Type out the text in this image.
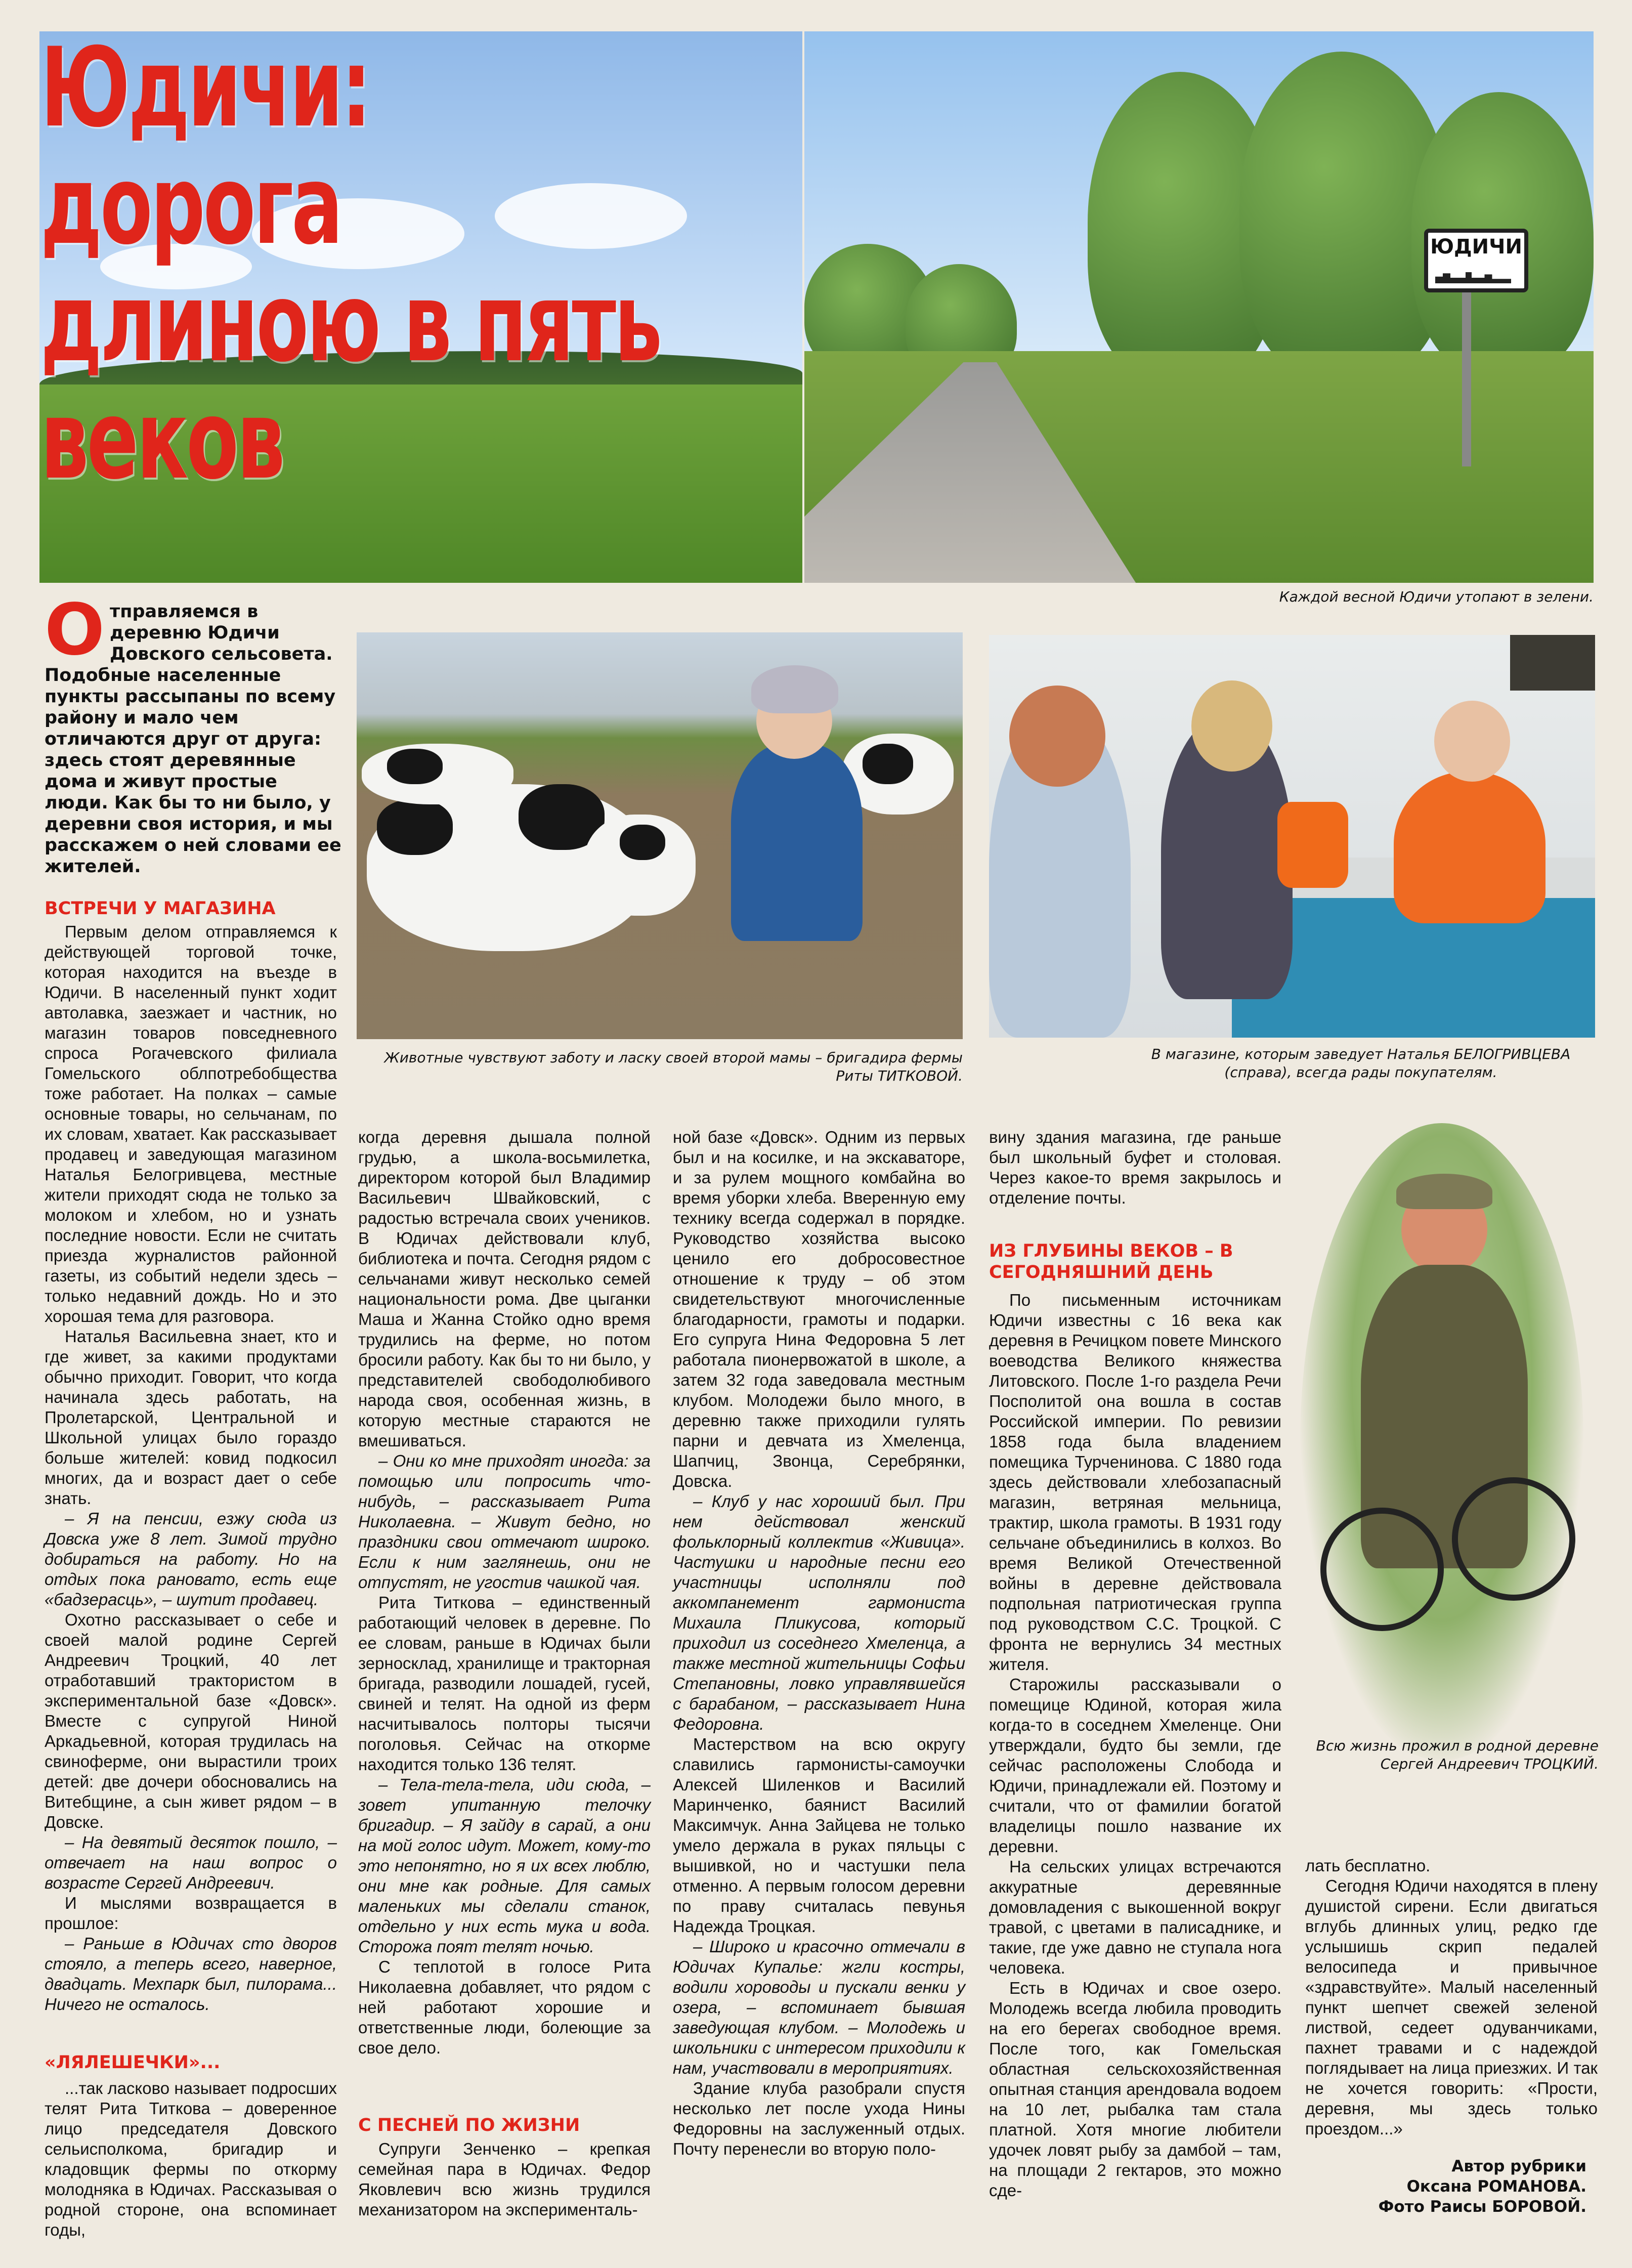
ЮДИЧИ
Юдичи: дорога длиною в пять веков
Каждой весной Юдичи утопают в зелени.
Отправляемся в деревню Юдичи Довского сельсовета. Подобные населенные пункты рассыпаны по всему району и мало чем отличаются друг от друга: здесь стоят деревянные дома и живут простые люди. Как бы то ни было, у деревни своя история, и мы расскажем о ней словами ее жителей.
Животные чувствуют заботу и ласку своей второй мамы – бригадира фермы Риты ТИТКОВОЙ.
В магазине, которым заведует Наталья БЕЛОГРИВЦЕВА (справа), всегда рады покупателям.
Всю жизнь прожил в родной деревне Сергей Андреевич ТРОЦКИЙ.
ВСТРЕЧИ У МАГАЗИНА

Первым делом отправляемся к действующей торговой точке, которая находится на въезде в Юдичи. В населенный пункт ходит автолавка, заезжает и частник, но магазин товаров повседневного спроса Рогачевского филиала Гомельского облпотребобщества тоже работает. На полках – самые основные товары, но сельчанам, по их словам, хватает. Как рассказывает продавец и заведующая магазином Наталья Белогривцева, местные жители приходят сюда не только за молоком и хлебом, но и узнать последние новости. Если не считать приезда журналистов районной газеты, из событий недели здесь – только недавний дождь. Но и это хорошая тема для разговора.

Наталья Васильевна знает, кто и где живет, за какими продуктами обычно приходит. Говорит, что когда начинала здесь работать, на Пролетарской, Центральной и Школьной улицах было гораздо больше жителей: ковид подкосил многих, да и возраст дает о себе знать.

– Я на пенсии, езжу сюда из Довска уже 8 лет. Зимой трудно добираться на работу. Но на отдых пока рановато, есть еще «бадзерасць», – шутит продавец.

Охотно рассказывает о себе и своей малой родине Сергей Андреевич Троцкий, 40 лет отработавший трактористом в экспериментальной базе «Довск». Вместе с супругой Ниной Аркадьевной, которая трудилась на свиноферме, они вырастили троих детей: две дочери обосновались на Витебщине, а сын живет рядом – в Довске.

– На девятый десяток пошло, – отвечает на наш вопрос о возрасте Сергей Андреевич.

И мыслями возвращается в прошлое:

– Раньше в Юдичах сто дворов стояло, а теперь всего, наверное, двадцать. Мехпарк был, пилорама... Ничего не осталось.

«ЛЯЛЕШЕЧКИ»...

...так ласково называет подросших телят Рита Титкова – доверенное лицо председателя Довского сельисполкома, бригадир и кладовщик фермы по откорму молодняка в Юдичах. Рассказывая о родной стороне, она вспоминает годы,

когда деревня дышала полной грудью, а школа-восьмилетка, директором которой был Владимир Васильевич Швайковский, с радостью встречала своих учеников. В Юдичах действовали клуб, библиотека и почта. Сегодня рядом с сельчанами живут несколько семей национальности рома. Две цыганки Маша и Жанна Стойко одно время трудились на ферме, но потом бросили работу. Как бы то ни было, у представителей свободолюбивого народа своя, особенная жизнь, в которую местные стараются не вмешиваться.

– Они ко мне приходят иногда: за помощью или попросить что-нибудь, – рассказывает Рита Николаевна. – Живут бедно, но праздники свои отмечают широко. Если к ним заглянешь, они не отпустят, не угостив чашкой чая.

Рита Титкова – единственный работающий человек в деревне. По ее словам, раньше в Юдичах были зерносклад, хранилище и тракторная бригада, разводили лошадей, гусей, свиней и телят. На одной из ферм насчитывалось полторы тысячи поголовья. Сейчас на откорме находится только 136 телят.

– Тела-тела-тела, иди сюда, – зовет упитанную телочку бригадир. – Я зайду в сарай, а они на мой голос идут. Может, кому-то это непонятно, но я их всех люблю, они мне как родные. Для самых маленьких мы сделали станок, отдельно у них есть мука и вода. Сторожа поят телят ночью.

С теплотой в голосе Рита Николаевна добавляет, что рядом с ней работают хорошие и ответственные люди, болеющие за свое дело.

С ПЕСНЕЙ ПО ЖИЗНИ

Супруги Зенченко – крепкая семейная пара в Юдичах. Федор Яковлевич всю жизнь трудился механизатором на эксперименталь-

ной базе «Довск». Одним из первых был и на косилке, и на экскаваторе, и за рулем мощного комбайна во время уборки хлеба. Вверенную ему технику всегда содержал в порядке. Руководство хозяйства высоко ценило его добросовестное отношение к труду – об этом свидетельствуют многочисленные благодарности, грамоты и подарки. Его супруга Нина Федоровна 5 лет работала пионервожатой в школе, а затем 32 года заведовала местным клубом. Молодежи было много, в деревню также приходили гулять парни и девчата из Хмеленца, Шапчиц, Звонца, Серебрянки, Довска.

– Клуб у нас хороший был. При нем действовал женский фольклорный коллектив «Живица». Частушки и народные песни его участницы исполняли под аккомпанемент гармониста Михаила Пликусова, который приходил из соседнего Хмеленца, а также местной жительницы Софьи Степановны, ловко управлявшейся с барабаном, – рассказывает Нина Федоровна.

Мастерством на всю округу славились гармонисты-самоучки Алексей Шиленков и Василий Маринченко, баянист Василий Максимчук. Анна Зайцева не только умело держала в руках пяльцы с вышивкой, но и частушки пела отменно. А первым голосом деревни по праву считалась певунья Надежда Троцкая.

– Широко и красочно отмечали в Юдичах Купалье: жгли костры, водили хороводы и пускали венки у озера, – вспоминает бывшая заведующая клубом. – Молодежь и школьники с интересом приходили к нам, участвовали в мероприятиях.

Здание клуба разобрали спустя несколько лет после ухода Нины Федоровны на заслуженный отдых. Почту перенесли во вторую поло-

вину здания магазина, где раньше был школьный буфет и столовая. Через какое-то время закрылось и отделение почты.

ИЗ ГЛУБИНЫ ВЕКОВ – В СЕГОДНЯШНИЙ ДЕНЬ

По письменным источникам Юдичи известны с 16 века как деревня в Речицком повете Минского воеводства Великого княжества Литовского. После 1-го раздела Речи Посполитой она вошла в состав Российской империи. По ревизии 1858 года была владением помещика Турченинова. С 1880 года здесь действовали хлебозапасный магазин, ветряная мельница, трактир, школа грамоты. В 1931 году сельчане объединились в колхоз. Во время Великой Отечественной войны в деревне действовала подпольная патриотическая группа под руководством С.С. Троцкой. С фронта не вернулись 34 местных жителя.

Старожилы рассказывали о помещице Юдиной, которая жила когда-то в соседнем Хмеленце. Они утверждали, будто бы земли, где сейчас расположены Слобода и Юдичи, принадлежали ей. Поэтому и считали, что от фамилии богатой владелицы пошло название их деревни.

На сельских улицах встречаются аккуратные деревянные домовладения с выкошенной вокруг травой, с цветами в палисаднике, и такие, где уже давно не ступала нога человека.

Есть в Юдичах и свое озеро. Молодежь всегда любила проводить на его берегах свободное время. После того, как Гомельская областная сельскохозяйственная опытная станция арендовала водоем на 10 лет, рыбалка там стала платной. Хотя многие любители удочек ловят рыбу за дамбой – там, на площади 2 гектаров, это можно сде-

лать бесплатно.

Сегодня Юдичи находятся в плену душистой сирени. Если двигаться вглубь длинных улиц, редко где услышишь скрип педалей велосипеда и привычное «здравствуйте». Малый населенный пункт шепчет свежей зеленой листвой, седеет одуванчиками, пахнет травами и с надеждой поглядывает на лица приезжих. И так не хочется говорить: «Прости, деревня, мы здесь только проездом...»

Автор рубрики
Оксана РОМАНОВА.
Фото Раисы БОРОВОЙ.
